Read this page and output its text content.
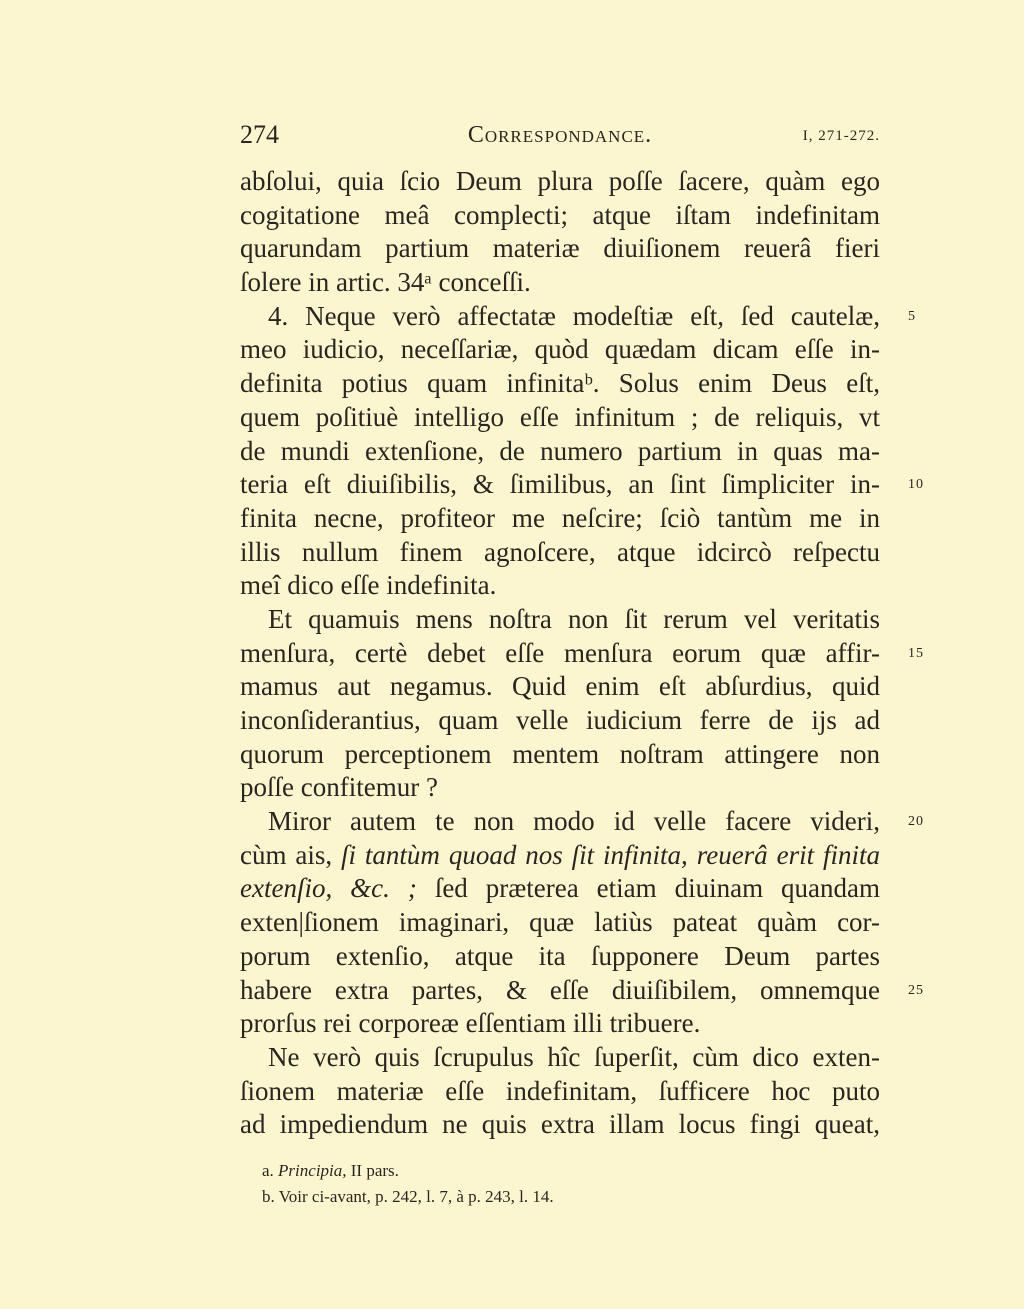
274	Correspondance.	I, 271-272.
abſolui, quia ſcio Deum plura poſſe ſacere, quàm ego
cogitatione meâ complecti; atque iſtam indefinitam
quarundam partium materiæ diuiſionem reuerâ fieri
ſolere in artic. 34ᵃ conceſſi.
4. Neque verò affectatæ modeſtiæ eſt, ſed cautelæ, 5
meo iudicio, neceſſariæ, quòd quædam dicam eſſe in-
definita potius quam infinitaᵇ. Solus enim Deus eſt,
quem poſitiuè intelligo eſſe infinitum ; de reliquis, vt
de mundi extenſione, de numero partium in quas ma-
teria eſt diuiſibilis, & ſimilibus, an ſint ſimpliciter in- 10
finita necne, profiteor me neſcire; ſciò tantùm me in
illis nullum finem agnoſcere, atque idcircò reſpectu
meî dico eſſe indefinita.
Et quamuis mens noſtra non ſit rerum vel veritatis
menſura, certè debet eſſe menſura eorum quæ affir- 15
mamus aut negamus. Quid enim eſt abſurdius, quid
inconſiderantius, quam velle iudicium ferre de ijs ad
quorum perceptionem mentem noſtram attingere non
poſſe confitemur ?
Miror autem te non modo id velle facere videri, 20
cùm ais, ſi tantùm quoad nos ſit infinita, reuerâ erit finita
extenſio, &c. ; ſed præterea etiam diuinam quandam
exten|ſionem imaginari, quæ latiùs pateat quàm cor-
porum extenſio, atque ita ſupponere Deum partes
habere extra partes, & eſſe diuiſibilem, omnemque 25
prorſus rei corporeæ eſſentiam illi tribuere.
Ne verò quis ſcrupulus hîc ſuperſit, cùm dico exten-
ſionem materiæ eſſe indefinitam, ſufficere hoc puto
ad impediendum ne quis extra illam locus fingi queat,
a. Principia, II pars.
b. Voir ci-avant, p. 242, l. 7, à p. 243, l. 14.
